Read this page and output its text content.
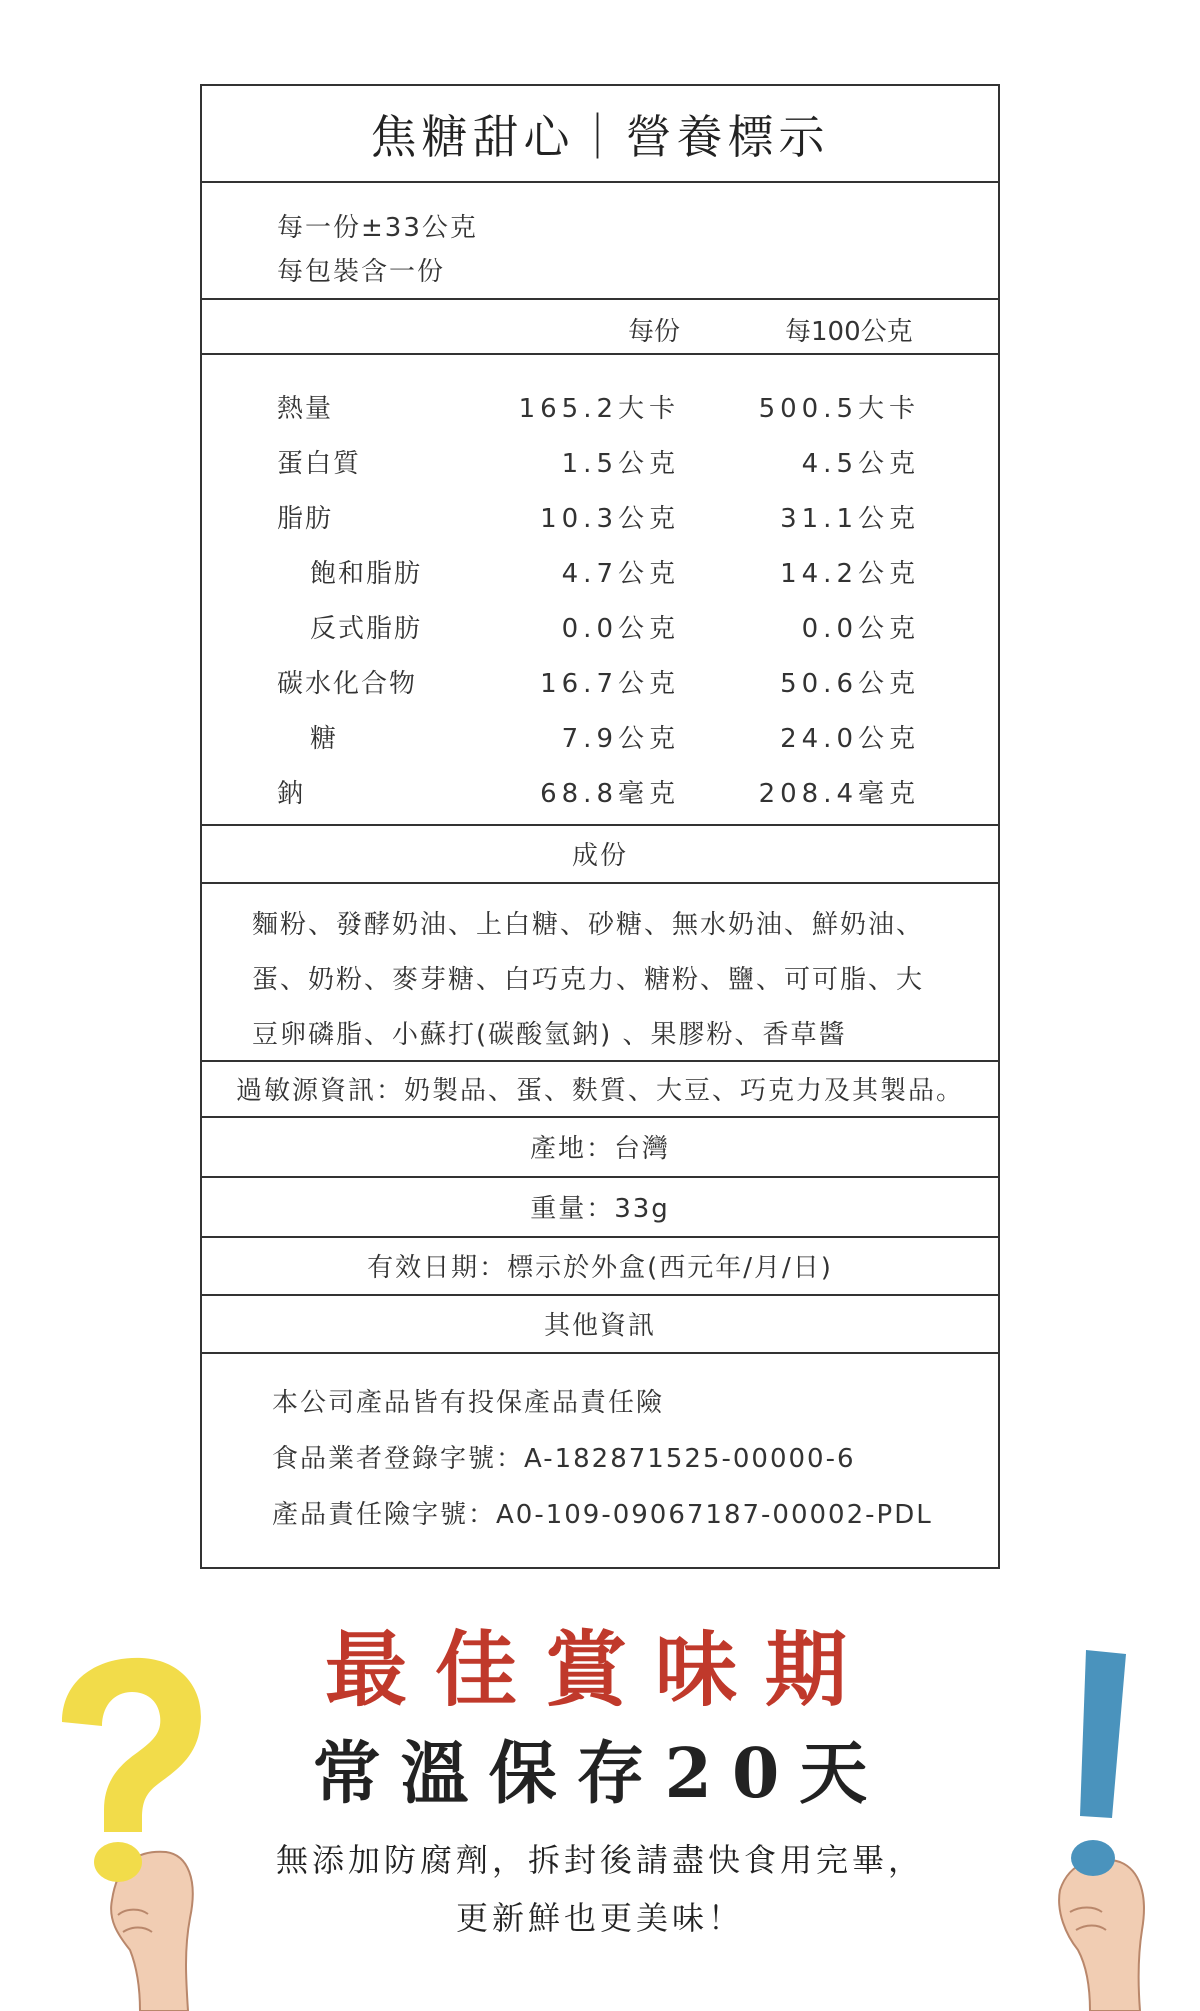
焦糖甜心｜營養標示
每一份±33公克
每包裝含一份
每份	每100公克
熱量	165.2大卡	500.5大卡
蛋白質	1.5公克	4.5公克
脂肪	10.3公克	31.1公克
飽和脂肪	4.7公克	14.2公克
反式脂肪	0.0公克	0.0公克
碳水化合物	16.7公克	50.6公克
糖	7.9公克	24.0公克
鈉	68.8毫克	208.4毫克
成份
麵粉、發酵奶油、上白糖、砂糖、無水奶油、鮮奶油、
蛋、奶粉、麥芽糖、白巧克力、糖粉、鹽、可可脂、大
豆卵磷脂、小蘇打(碳酸氫鈉) 、果膠粉、香草醬
過敏源資訊：奶製品、蛋、麩質、大豆、巧克力及其製品。
產地：台灣
重量：33g
有效日期：標示於外盒(西元年/月/日)
其他資訊
本公司產品皆有投保產品責任險
食品業者登錄字號：A-182871525-00000-6
產品責任險字號：A0-109-09067187-00002-PDL
最佳賞味期
常溫保存20天
無添加防腐劑，拆封後請盡快食用完畢，
更新鮮也更美味！
